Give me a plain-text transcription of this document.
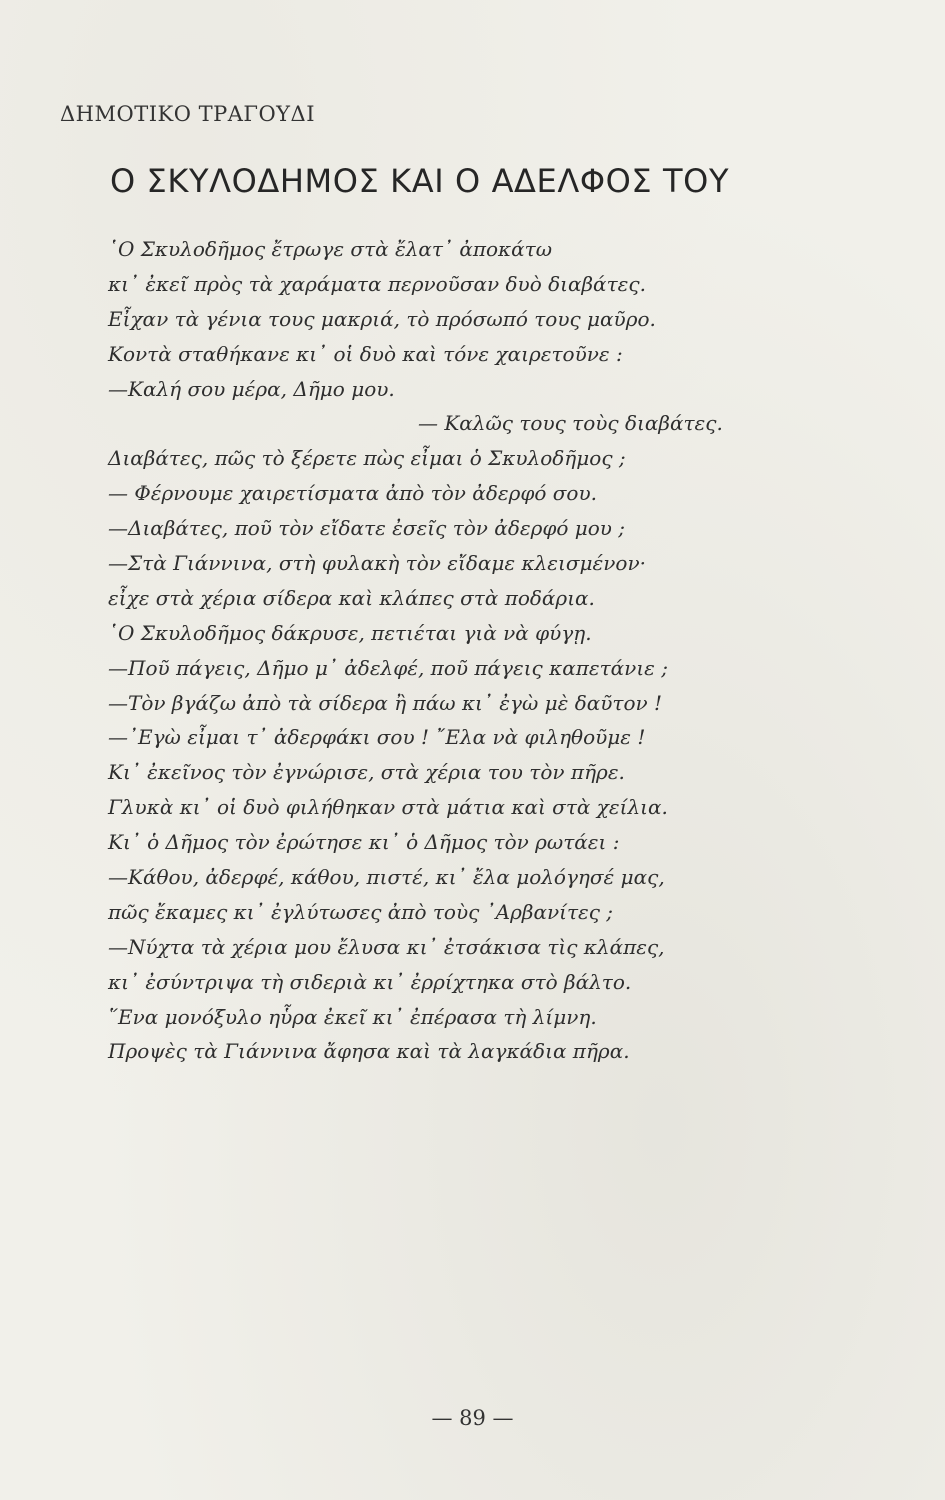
ΔΗΜΟΤΙΚΟ ΤΡΑΓΟΥΔΙ
Ο ΣΚΥΛΟΔΗΜΟΣ ΚΑΙ Ο ΑΔΕΛΦΟΣ ΤΟΥ
῾Ο Σκυλοδῆμος ἔτρωγε στὰ ἔλατ᾽ ἀποκάτω
κι᾽ ἐκεῖ πρὸς τὰ χαράματα περνοῦσαν δυὸ διαβάτες.
Εἶχαν τὰ γένια τους μακριά, τὸ πρόσωπό τους μαῦρο.
Κοντὰ σταθήκανε κι᾽ οἱ δυὸ καὶ τόνε χαιρετοῦνε :
—Καλή σου μέρα, Δῆμο μου.
— Καλῶς τους τοὺς διαβάτες.
Διαβάτες, πῶς τὸ ξέρετε πὼς εἶμαι ὁ Σκυλοδῆμος ;
— Φέρνουμε χαιρετίσματα ἀπὸ τὸν ἀδερφό σου.
—Διαβάτες, ποῦ τὸν εἴδατε ἐσεῖς τὸν ἀδερφό μου ;
—Στὰ Γιάννινα, στὴ φυλακὴ τὸν εἴδαμε κλεισμένον·
εἶχε στὰ χέρια σίδερα καὶ κλάπες στὰ ποδάρια.
῾Ο Σκυλοδῆμος δάκρυσε, πετιέται γιὰ νὰ φύγῃ.
—Ποῦ πάγεις, Δῆμο μ᾽ ἀδελφέ, ποῦ πάγεις καπετάνιε ;
—Τὸν βγάζω ἀπὸ τὰ σίδερα ἢ πάω κι᾽ ἐγὼ μὲ δαῦτον !
—᾽Εγὼ εἶμαι τ᾽ ἀδερφάκι σου ! ῎Ελα νὰ φιληθοῦμε !
Κι᾽ ἐκεῖνος τὸν ἐγνώρισε, στὰ χέρια του τὸν πῆρε.
Γλυκὰ κι᾽ οἱ δυὸ φιλήθηκαν στὰ μάτια καὶ στὰ χείλια.
Κι᾽ ὁ Δῆμος τὸν ἐρώτησε κι᾽ ὁ Δῆμος τὸν ρωτάει :
—Κάθου, ἀδερφέ, κάθου, πιστέ, κι᾽ ἔλα μολόγησέ μας,
πῶς ἔκαμες κι᾽ ἐγλύτωσες ἀπὸ τοὺς ᾽Αρβανίτες ;
—Νύχτα τὰ χέρια μου ἔλυσα κι᾽ ἐτσάκισα τὶς κλάπες,
κι᾽ ἐσύντριψα τὴ σιδεριὰ κι᾽ ἐρρίχτηκα στὸ βάλτο.
῞Ενα μονόξυλο ηὗρα ἐκεῖ κι᾽ ἐπέρασα τὴ λίμνη.
Προψὲς τὰ Γιάννινα ἄφησα καὶ τὰ λαγκάδια πῆρα.
— 89 —
